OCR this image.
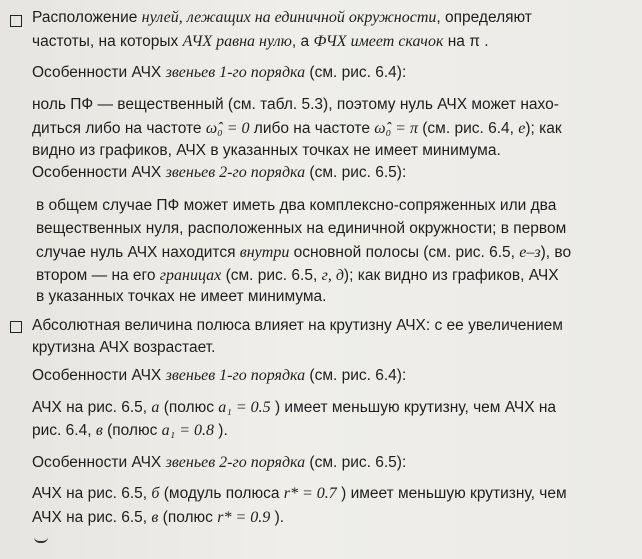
Расположение нулей, лежащих на единичной окружности, определяют
частоты, на которых АЧХ равна нулю, а ФЧХ имеет скачок на π .
Особенности АЧХ звеньев 1-го порядка (см. рис. 6.4):
ноль ПФ — вещественный (см. табл. 5.3), поэтому нуль АЧХ может нахо-
диться либо на частоте ω̂₀ = 0 либо на частоте ω̂₀ = π (см. рис. 6.4, е); как
видно из графиков, АЧХ в указанных точках не имеет минимума.
Особенности АЧХ звеньев 2-го порядка (см. рис. 6.5):
в общем случае ПФ может иметь два комплексно-сопряженных или два
вещественных нуля, расположенных на единичной окружности; в первом
случае нуль АЧХ находится внутри основной полосы (см. рис. 6.5, е–з), во
втором — на его границах (см. рис. 6.5, г, д); как видно из графиков, АЧХ
в указанных точках не имеет минимума.
Абсолютная величина полюса влияет на крутизну АЧХ: с ее увеличением
крутизна АЧХ возрастает.
Особенности АЧХ звеньев 1-го порядка (см. рис. 6.4):
АЧХ на рис. 6.5, а (полюс a₁ = 0.5 ) имеет меньшую крутизну, чем АЧХ на
рис. 6.4, в (полюс a₁ = 0.8 ).
Особенности АЧХ звеньев 2-го порядка (см. рис. 6.5):
АЧХ на рис. 6.5, б (модуль полюса r* = 0.7 ) имеет меньшую крутизну, чем
АЧХ на рис. 6.5, в (полюс r* = 0.9 ).
